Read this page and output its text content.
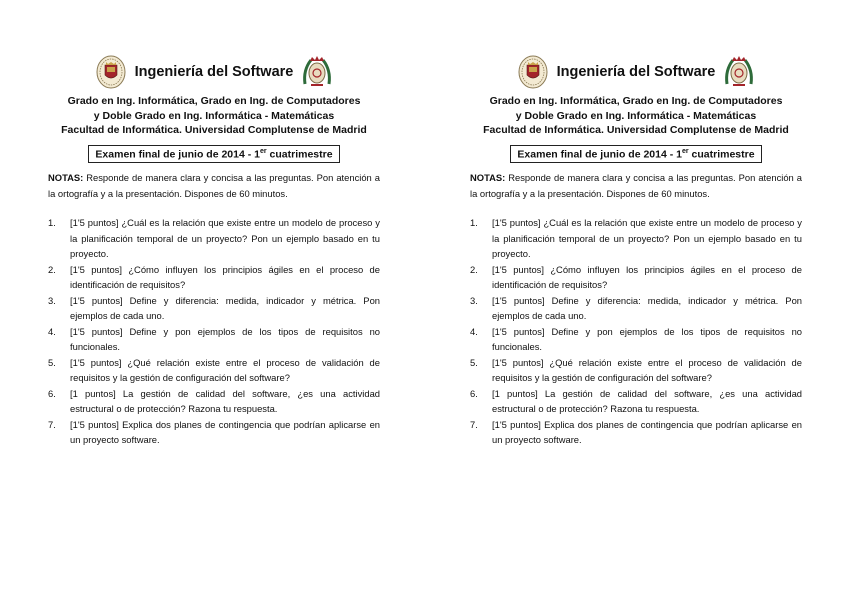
Ingeniería del Software
Grado en Ing. Informática, Grado en Ing. de Computadores
y Doble Grado en Ing. Informática - Matemáticas
Facultad de Informática. Universidad Complutense de Madrid
Examen final de junio de 2014 - 1er cuatrimestre
NOTAS: Responde de manera clara y concisa a las preguntas. Pon atención a la ortografía y a la presentación. Dispones de 60 minutos.
1.	[1'5 puntos] ¿Cuál es la relación que existe entre un modelo de proceso y la planificación temporal de un proyecto? Pon un ejemplo basado en tu proyecto.
2.	[1'5 puntos] ¿Cómo influyen los principios ágiles en el proceso de identificación de requisitos?
3.	[1'5 puntos] Define y diferencia: medida, indicador y métrica. Pon ejemplos de cada uno.
4.	[1'5 puntos] Define y pon ejemplos de los tipos de requisitos no funcionales.
5.	[1'5 puntos] ¿Qué relación existe entre el proceso de validación de requisitos y la gestión de configuración del software?
6.	[1 puntos] La gestión de calidad del software, ¿es una actividad estructural o de protección? Razona tu respuesta.
7.	[1'5 puntos] Explica dos planes de contingencia que podrían aplicarse en un proyecto software.
Ingeniería del Software
Grado en Ing. Informática, Grado en Ing. de Computadores
y Doble Grado en Ing. Informática - Matemáticas
Facultad de Informática. Universidad Complutense de Madrid
Examen final de junio de 2014 - 1er cuatrimestre
NOTAS: Responde de manera clara y concisa a las preguntas. Pon atención a la ortografía y a la presentación. Dispones de 60 minutos.
1.	[1'5 puntos] ¿Cuál es la relación que existe entre un modelo de proceso y la planificación temporal de un proyecto? Pon un ejemplo basado en tu proyecto.
2.	[1'5 puntos] ¿Cómo influyen los principios ágiles en el proceso de identificación de requisitos?
3.	[1'5 puntos] Define y diferencia: medida, indicador y métrica. Pon ejemplos de cada uno.
4.	[1'5 puntos] Define y pon ejemplos de los tipos de requisitos no funcionales.
5.	[1'5 puntos] ¿Qué relación existe entre el proceso de validación de requisitos y la gestión de configuración del software?
6.	[1 puntos] La gestión de calidad del software, ¿es una actividad estructural o de protección? Razona tu respuesta.
7.	[1'5 puntos] Explica dos planes de contingencia que podrían aplicarse en un proyecto software.
